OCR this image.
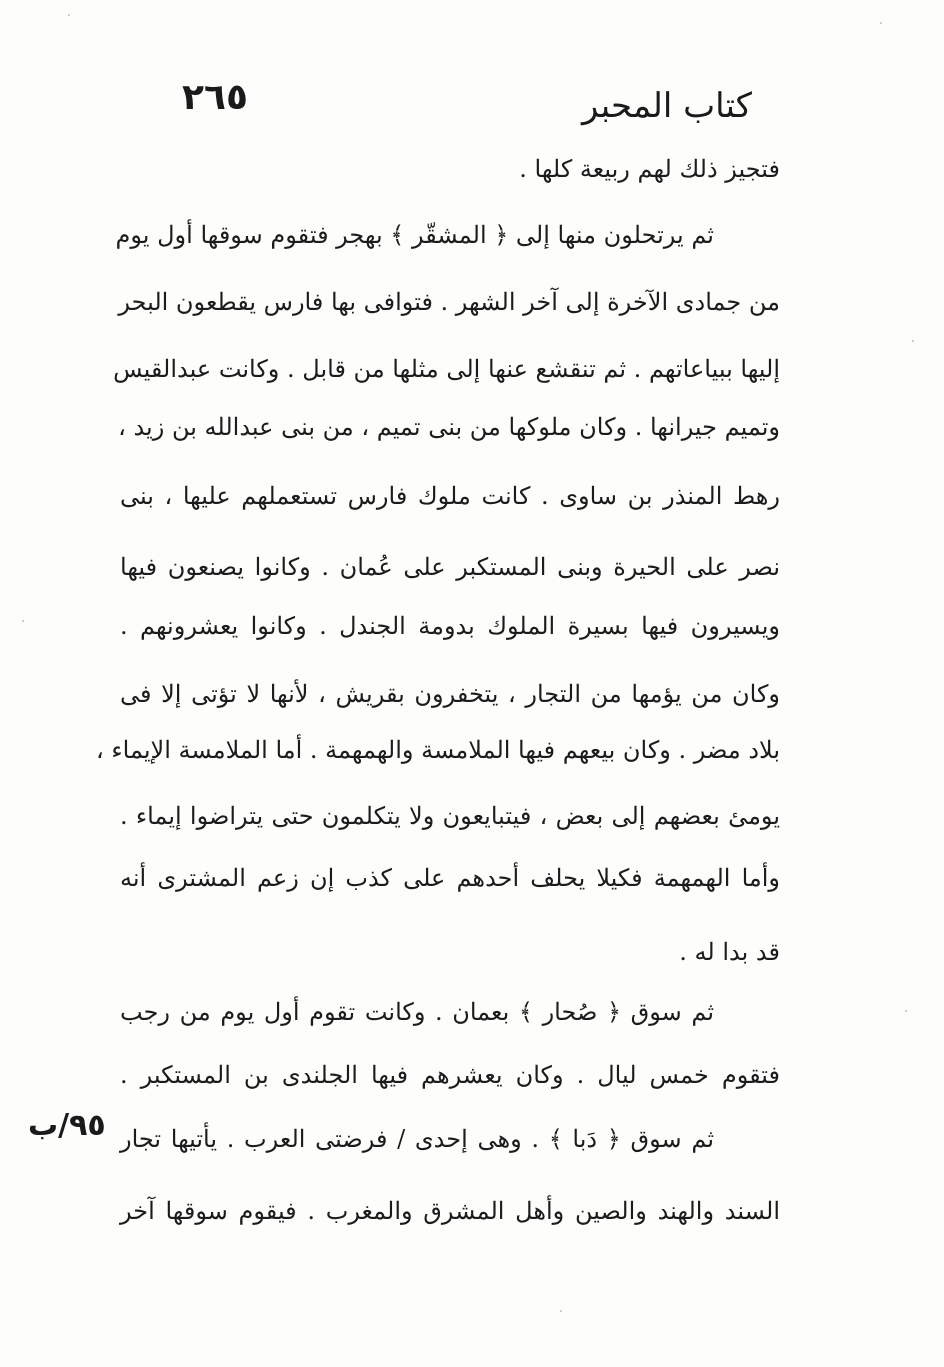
٢٦٥	كتاب المحبر
٩٥/ب
فتجيز ذلك لهم ربيعة كلها .
ثم يرتحلون منها إلى ﴿ المشقّر ﴾ بهجر فتقوم سوقها أول يوم
من جمادى الآخرة إلى آخر الشهر . فتوافى بها فارس يقطعون البحر
إليها ببياعاتهم . ثم تنقشع عنها إلى مثلها من قابل . وكانت عبدالقيس
وتميم جيرانها . وكان ملوكها من بنى تميم ، من بنى عبدالله بن زيد ،
رهط المنذر بن ساوى . كانت ملوك فارس تستعملهم عليها ، بنى
نصر على الحيرة وبنى المستكبر على عُمان . وكانوا يصنعون فيها
ويسيرون فيها بسيرة الملوك بدومة الجندل . وكانوا يعشرونهم .
وكان من يؤمها من التجار ، يتخفرون بقريش ، لأنها لا تؤتى إلا فى
بلاد مضر . وكان بيعهم فيها الملامسة والهمهمة . أما الملامسة الإيماء ،
يومئ بعضهم إلى بعض ، فيتبايعون ولا يتكلمون حتى يتراضوا إيماء .
وأما الهمهمة فكيلا يحلف أحدهم على كذب إن زعم المشترى أنه
قد بدا له .
ثم سوق ﴿ صُحار ﴾ بعمان . وكانت تقوم أول يوم من رجب
فتقوم خمس ليال . وكان يعشرهم فيها الجلندى بن المستكبر .
ثم سوق ﴿ دَبا ﴾ . وهى إحدى / فرضتى العرب . يأتيها تجار
السند والهند والصين وأهل المشرق والمغرب . فيقوم سوقها آخر
